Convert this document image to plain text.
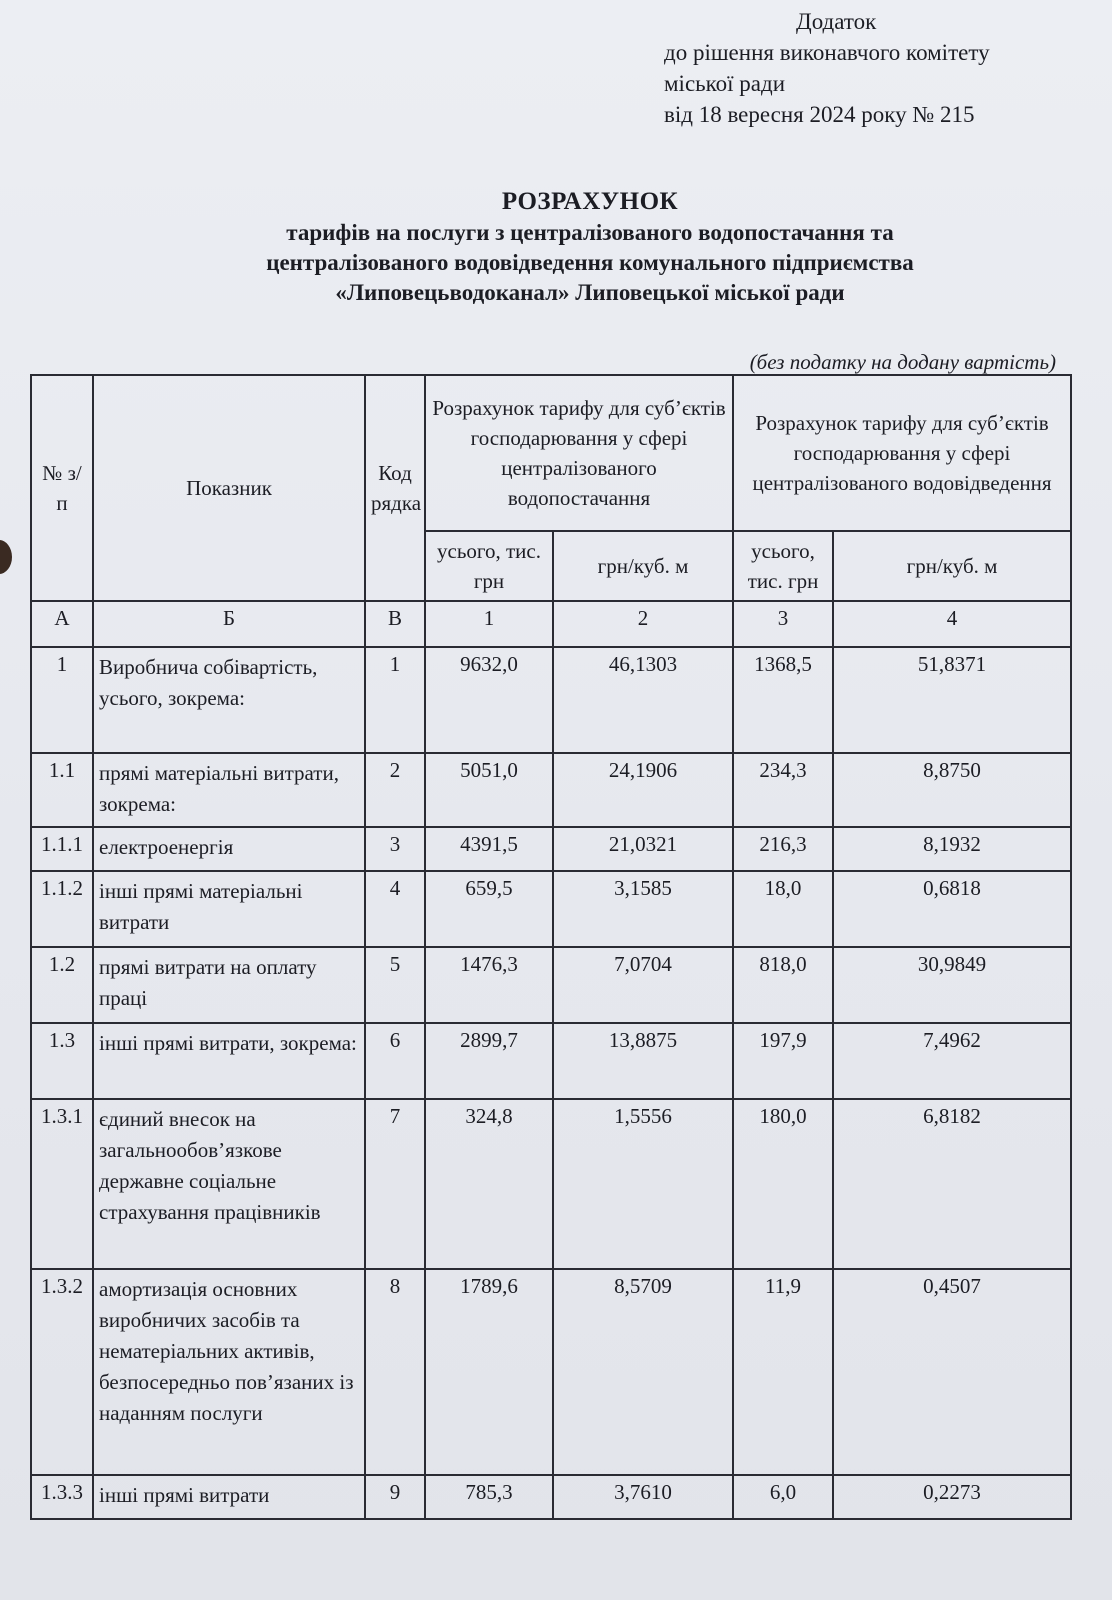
Додаток
до рішення виконавчого комітету
міської ради
від 18 вересня 2024 року № 215
РОЗРАХУНОК
тарифів на послуги з централізованого водопостачання та
централізованого водовідведення комунального підприємства
«Липовецьводоканал» Липовецької міської ради
(без податку на додану вартість)
№ з/п	Показник	Код рядка	Розрахунок тарифу для суб’єктів господарювання у сфері централізованого водопостачання		Розрахунок тарифу для суб’єктів господарювання у сфері централізованого водовідведення	
			усього, тис. грн	грн/куб. м	усього, тис. грн	грн/куб. м
А	Б	В	1	2	3	4
1	Виробнича собівартість, усього, зокрема:	1	9632,0	46,1303	1368,5	51,8371
1.1	прямі матеріальні витрати, зокрема:	2	5051,0	24,1906	234,3	8,8750
1.1.1	електроенергія	3	4391,5	21,0321	216,3	8,1932
1.1.2	інші прямі матеріальні витрати	4	659,5	3,1585	18,0	0,6818
1.2	прямі витрати на оплату праці	5	1476,3	7,0704	818,0	30,9849
1.3	інші прямі витрати, зокрема:	6	2899,7	13,8875	197,9	7,4962
1.3.1	єдиний внесок на загальнообов’язкове державне соціальне страхування працівників	7	324,8	1,5556	180,0	6,8182
1.3.2	амортизація основних виробничих засобів та нематеріальних активів, безпосередньо пов’язаних із наданням послуги	8	1789,6	8,5709	11,9	0,4507
1.3.3	інші прямі витрати	9	785,3	3,7610	6,0	0,2273
